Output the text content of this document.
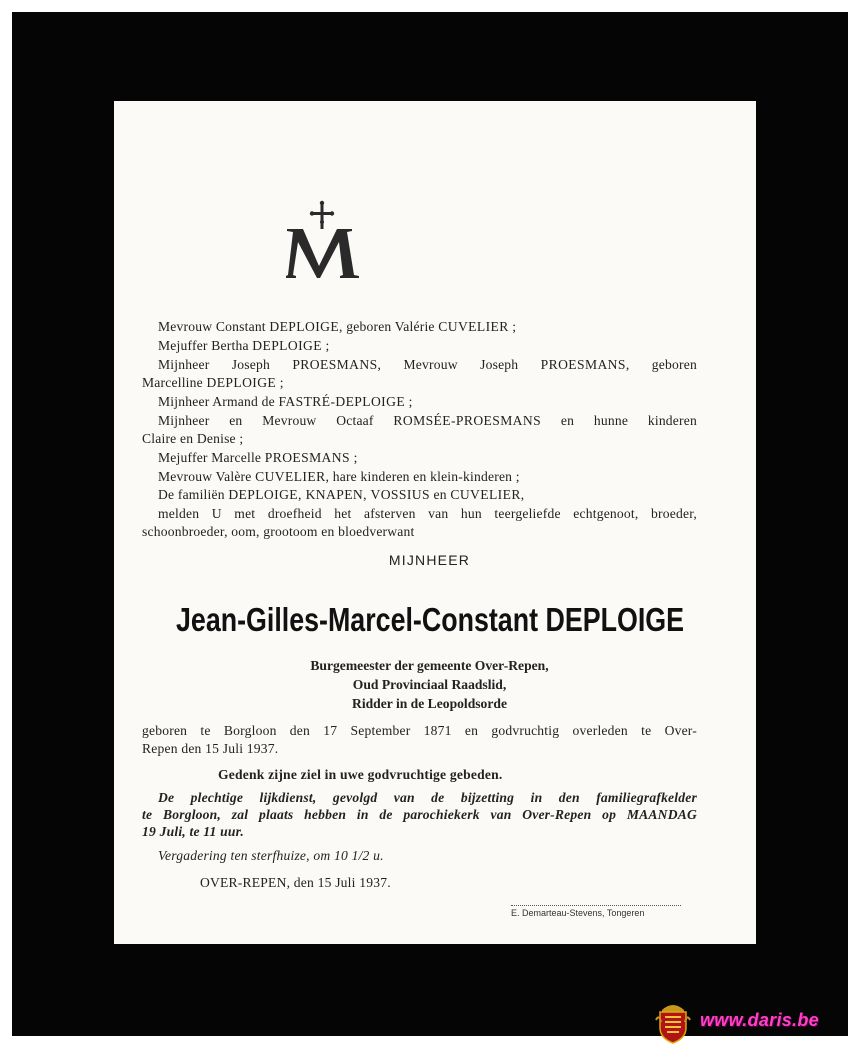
Mevrouw Constant DEPLOIGE, geboren Valérie CUVELIER ;
Mejuffer Bertha DEPLOIGE ;
Mijnheer Joseph PROESMANS, Mevrouw Joseph PROESMANS, geboren
Marcelline DEPLOIGE ;
Mijnheer Armand de FASTRÉ-DEPLOIGE ;
Mijnheer en Mevrouw Octaaf ROMSÉE-PROESMANS en hunne kinderen
Claire en Denise ;
Mejuffer Marcelle PROESMANS ;
Mevrouw Valère CUVELIER, hare kinderen en klein-kinderen ;
De familiën DEPLOIGE, KNAPEN, VOSSIUS en CUVELIER,
melden U met droefheid het afsterven van hun teergeliefde echtgenoot, broeder,
schoonbroeder, oom, grootoom en bloedverwant
MIJNHEER
Jean-Gilles-Marcel-Constant DEPLOIGE
Burgemeester der gemeente Over-Repen,
Oud Provinciaal Raadslid,
Ridder in de Leopoldsorde
geboren te Borgloon den 17 September 1871 en godvruchtig overleden te Over-
Repen den 15 Juli 1937.
Gedenk zijne ziel in uwe godvruchtige gebeden.
De plechtige lijkdienst, gevolgd van de bijzetting in den familiegrafkelder
te Borgloon, zal plaats hebben in de parochiekerk van Over-Repen op MAANDAG
19 Juli, te 11 uur.
Vergadering ten sterfhuize, om 10 1/2 u.
OVER-REPEN, den 15 Juli 1937.
E. Demarteau-Stevens, Tongeren
www.daris.be
